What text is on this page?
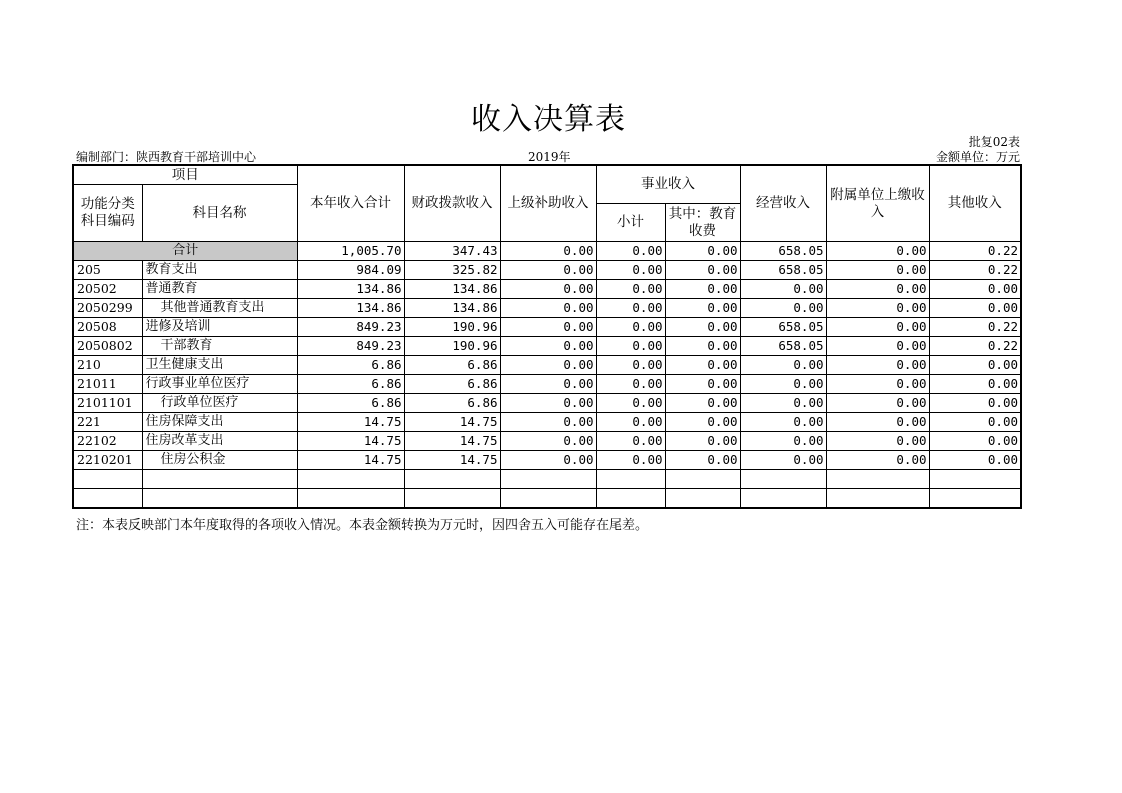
收入决算表
批复02表
编制部门：陕西教育干部培训中心	2019年	金额单位：万元
项目		本年收入合计	财政拨款收入	上级补助收入	事业收入		经营收入	附属单位上缴收入	其他收入
功能分类科目编码	科目名称								
					小计	其中：教育收费			
合计		1,005.70	347.43	0.00	0.00	0.00	658.05	0.00	0.22
205	教育支出	984.09	325.82	0.00	0.00	0.00	658.05	0.00	0.22
20502	普通教育	134.86	134.86	0.00	0.00	0.00	0.00	0.00	0.00
2050299	其他普通教育支出	134.86	134.86	0.00	0.00	0.00	0.00	0.00	0.00
20508	进修及培训	849.23	190.96	0.00	0.00	0.00	658.05	0.00	0.22
2050802	干部教育	849.23	190.96	0.00	0.00	0.00	658.05	0.00	0.22
210	卫生健康支出	6.86	6.86	0.00	0.00	0.00	0.00	0.00	0.00
21011	行政事业单位医疗	6.86	6.86	0.00	0.00	0.00	0.00	0.00	0.00
2101101	行政单位医疗	6.86	6.86	0.00	0.00	0.00	0.00	0.00	0.00
221	住房保障支出	14.75	14.75	0.00	0.00	0.00	0.00	0.00	0.00
22102	住房改革支出	14.75	14.75	0.00	0.00	0.00	0.00	0.00	0.00
2210201	住房公积金	14.75	14.75	0.00	0.00	0.00	0.00	0.00	0.00

注：本表反映部门本年度取得的各项收入情况。本表金额转换为万元时，因四舍五入可能存在尾差。
